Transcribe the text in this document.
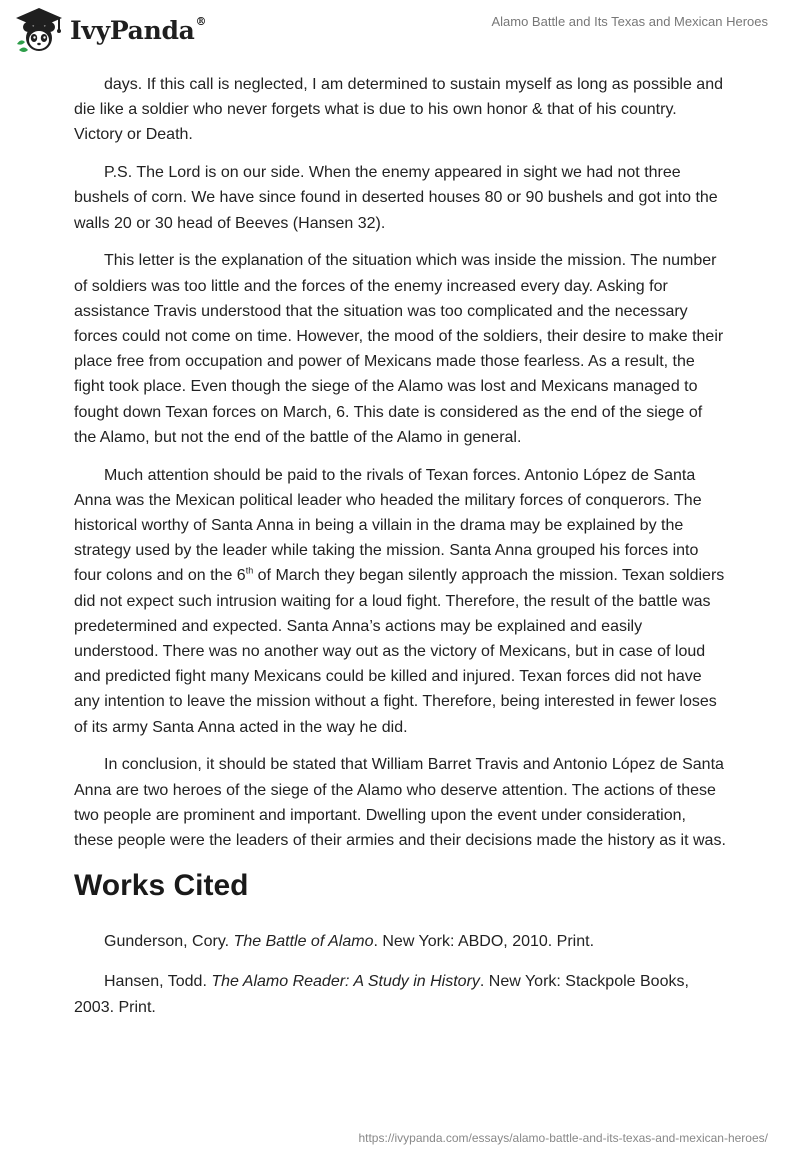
IvyPanda®	Alamo Battle and Its Texas and Mexican Heroes

days. If this call is neglected, I am determined to sustain myself as long as possible and die like a soldier who never forgets what is due to his own honor & that of his country. Victory or Death.

P.S. The Lord is on our side. When the enemy appeared in sight we had not three bushels of corn. We have since found in deserted houses 80 or 90 bushels and got into the walls 20 or 30 head of Beeves (Hansen 32).

This letter is the explanation of the situation which was inside the mission. The number of soldiers was too little and the forces of the enemy increased every day. Asking for assistance Travis understood that the situation was too complicated and the necessary forces could not come on time. However, the mood of the soldiers, their desire to make their place free from occupation and power of Mexicans made those fearless. As a result, the fight took place. Even though the siege of the Alamo was lost and Mexicans managed to fought down Texan forces on March, 6. This date is considered as the end of the siege of the Alamo, but not the end of the battle of the Alamo in general.

Much attention should be paid to the rivals of Texan forces. Antonio López de Santa Anna was the Mexican political leader who headed the military forces of conquerors. The historical worthy of Santa Anna in being a villain in the drama may be explained by the strategy used by the leader while taking the mission. Santa Anna grouped his forces into four colons and on the 6th of March they began silently approach the mission. Texan soldiers did not expect such intrusion waiting for a loud fight. Therefore, the result of the battle was predetermined and expected. Santa Anna’s actions may be explained and easily understood. There was no another way out as the victory of Mexicans, but in case of loud and predicted fight many Mexicans could be killed and injured. Texan forces did not have any intention to leave the mission without a fight. Therefore, being interested in fewer loses of its army Santa Anna acted in the way he did.

In conclusion, it should be stated that William Barret Travis and Antonio López de Santa Anna are two heroes of the siege of the Alamo who deserve attention. The actions of these two people are prominent and important. Dwelling upon the event under consideration, these people were the leaders of their armies and their decisions made the history as it was.

Works Cited

Gunderson, Cory. The Battle of Alamo. New York: ABDO, 2010. Print.

Hansen, Todd. The Alamo Reader: A Study in History. New York: Stackpole Books, 2003. Print.

https://ivypanda.com/essays/alamo-battle-and-its-texas-and-mexican-heroes/
